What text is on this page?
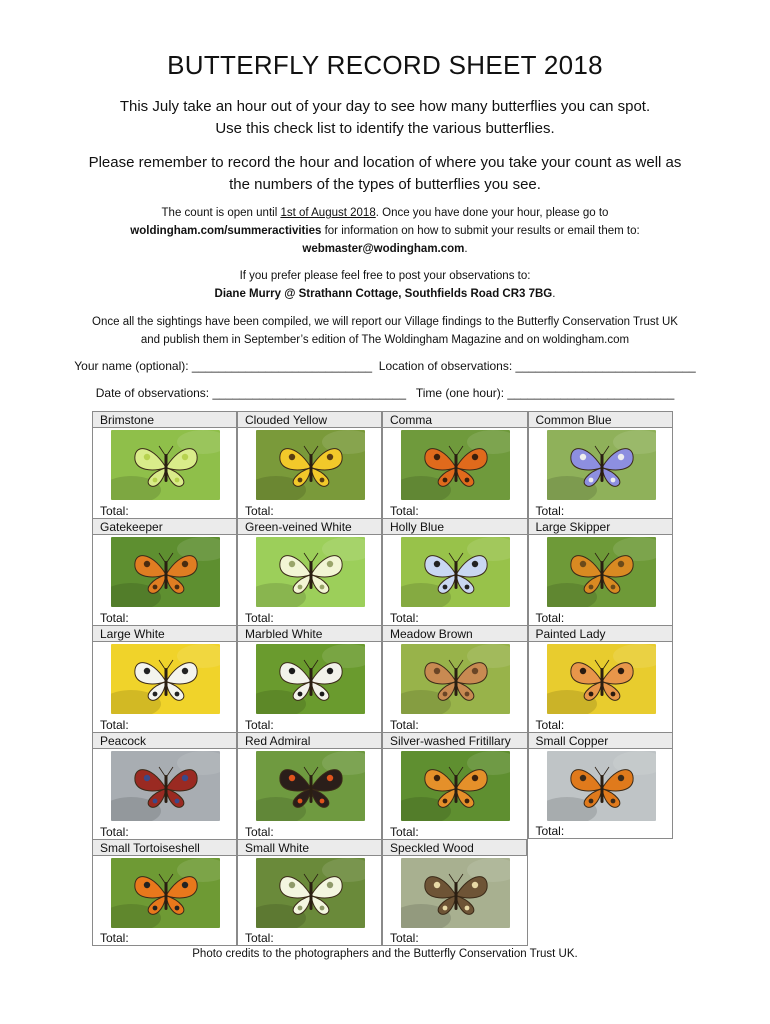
BUTTERFLY RECORD SHEET 2018
This July take an hour out of your day to see how many butterflies you can spot.
Use this check list to identify the various butterflies.
Please remember to record the hour and location of where you take your count as well as
the numbers of the types of butterflies you see.
The count is open until 1st of August 2018. Once you have done your hour, please go to
woldingham.com/summeractivities for information on how to submit your results or email them to:
webmaster@wodingham.com.
If you prefer please feel free to post your observations to:
Diane Murry @ Strathann Cottage, Southfields Road CR3 7BG.
Once all the sightings have been compiled, we will report our Village findings to the Butterfly Conservation Trust UK
and publish them in September’s edition of The Woldingham Magazine and on woldingham.com
Your name (optional): ___________________________ Location of observations: ___________________________
Date of observations: _____________________________ Time (one hour): _________________________
Brimstone	Clouded Yellow	Comma	Common Blue

Total:	Total:	Total:	Total:

Gatekeeper	Green-veined White	Holly Blue	Large Skipper

Total:	Total:	Total:	Total:

Large White	Marbled White	Meadow Brown	Painted Lady

Total:	Total:	Total:	Total:

Peacock	Red Admiral	Silver-washed Fritillary	Small Copper

Total:	Total:	Total:	Total:

Small Tortoiseshell	Small White	Speckled Wood	

Total:	Total:	Total:	

Photo credits to the photographers and the Butterfly Conservation Trust UK.
